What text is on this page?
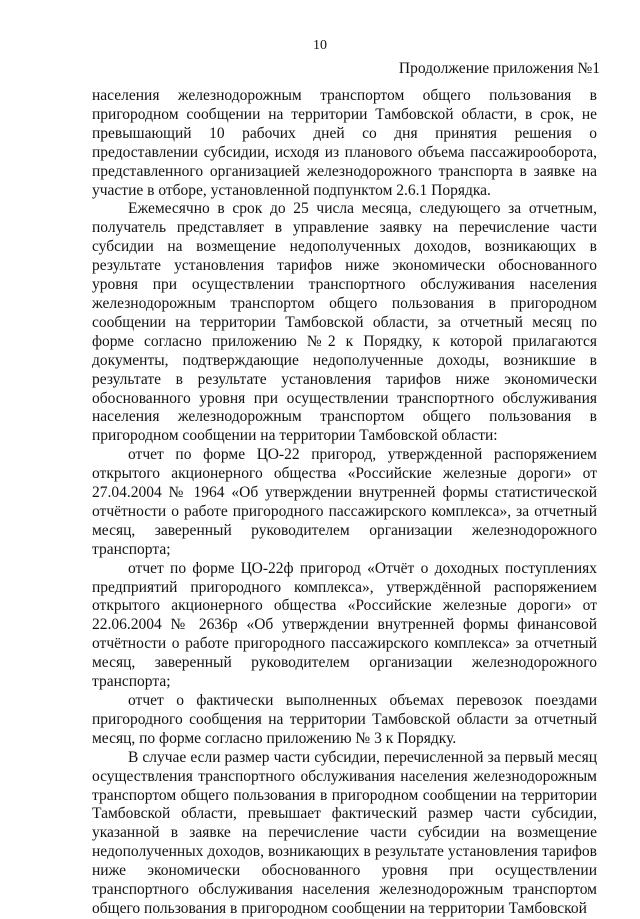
10
Продолжение приложения №1

населения железнодорожным транспортом общего пользования в пригородном сообщении на территории Тамбовской области, в срок, не превышающий 10 рабочих дней со дня принятия решения о предоставлении субсидии, исходя из планового объема пассажирооборота, представленного организацией железнодорожного транспорта в заявке на участие в отборе, установленной подпунктом 2.6.1 Порядка.

Ежемесячно в срок до 25 числа месяца, следующего за отчетным, получатель представляет в управление заявку на перечисление части субсидии на возмещение недополученных доходов, возникающих в результате установления тарифов ниже экономически обоснованного уровня при осуществлении транспортного обслуживания населения железнодорожным транспортом общего пользования в пригородном сообщении на территории Тамбовской области, за отчетный месяц по форме согласно приложению №2 к Порядку, к которой прилагаются документы, подтверждающие недополученные доходы, возникшие в результате в результате установления тарифов ниже экономически обоснованного уровня при осуществлении транспортного обслуживания населения железнодорожным транспортом общего пользования в пригородном сообщении на территории Тамбовской области:

отчет по форме ЦО-22 пригород, утвержденной распоряжением открытого акционерного общества «Российские железные дороги» от 27.04.2004 № 1964 «Об утверждении внутренней формы статистической отчётности о работе пригородного пассажирского комплекса», за отчетный месяц, заверенный руководителем организации железнодорожного транспорта;

отчет по форме ЦО-22ф пригород «Отчёт о доходных поступлениях предприятий пригородного комплекса», утверждённой распоряжением открытого акционерного общества «Российские железные дороги» от 22.06.2004 № 2636р «Об утверждении внутренней формы финансовой отчётности о работе пригородного пассажирского комплекса» за отчетный месяц, заверенный руководителем организации железнодорожного транспорта;

отчет о фактически выполненных объемах перевозок поездами пригородного сообщения на территории Тамбовской области за отчетный месяц, по форме согласно приложению № 3 к Порядку.

В случае если размер части субсидии, перечисленной за первый месяц осуществления транспортного обслуживания населения железнодорожным транспортом общего пользования в пригородном сообщении на территории Тамбовской области, превышает фактический размер части субсидии, указанной в заявке на перечисление части субсидии на возмещение недополученных доходов, возникающих в результате установления тарифов ниже экономически обоснованного уровня при осуществлении транспортного обслуживания населения железнодорожным транспортом общего пользования в пригородном сообщении на территории Тамбовской
